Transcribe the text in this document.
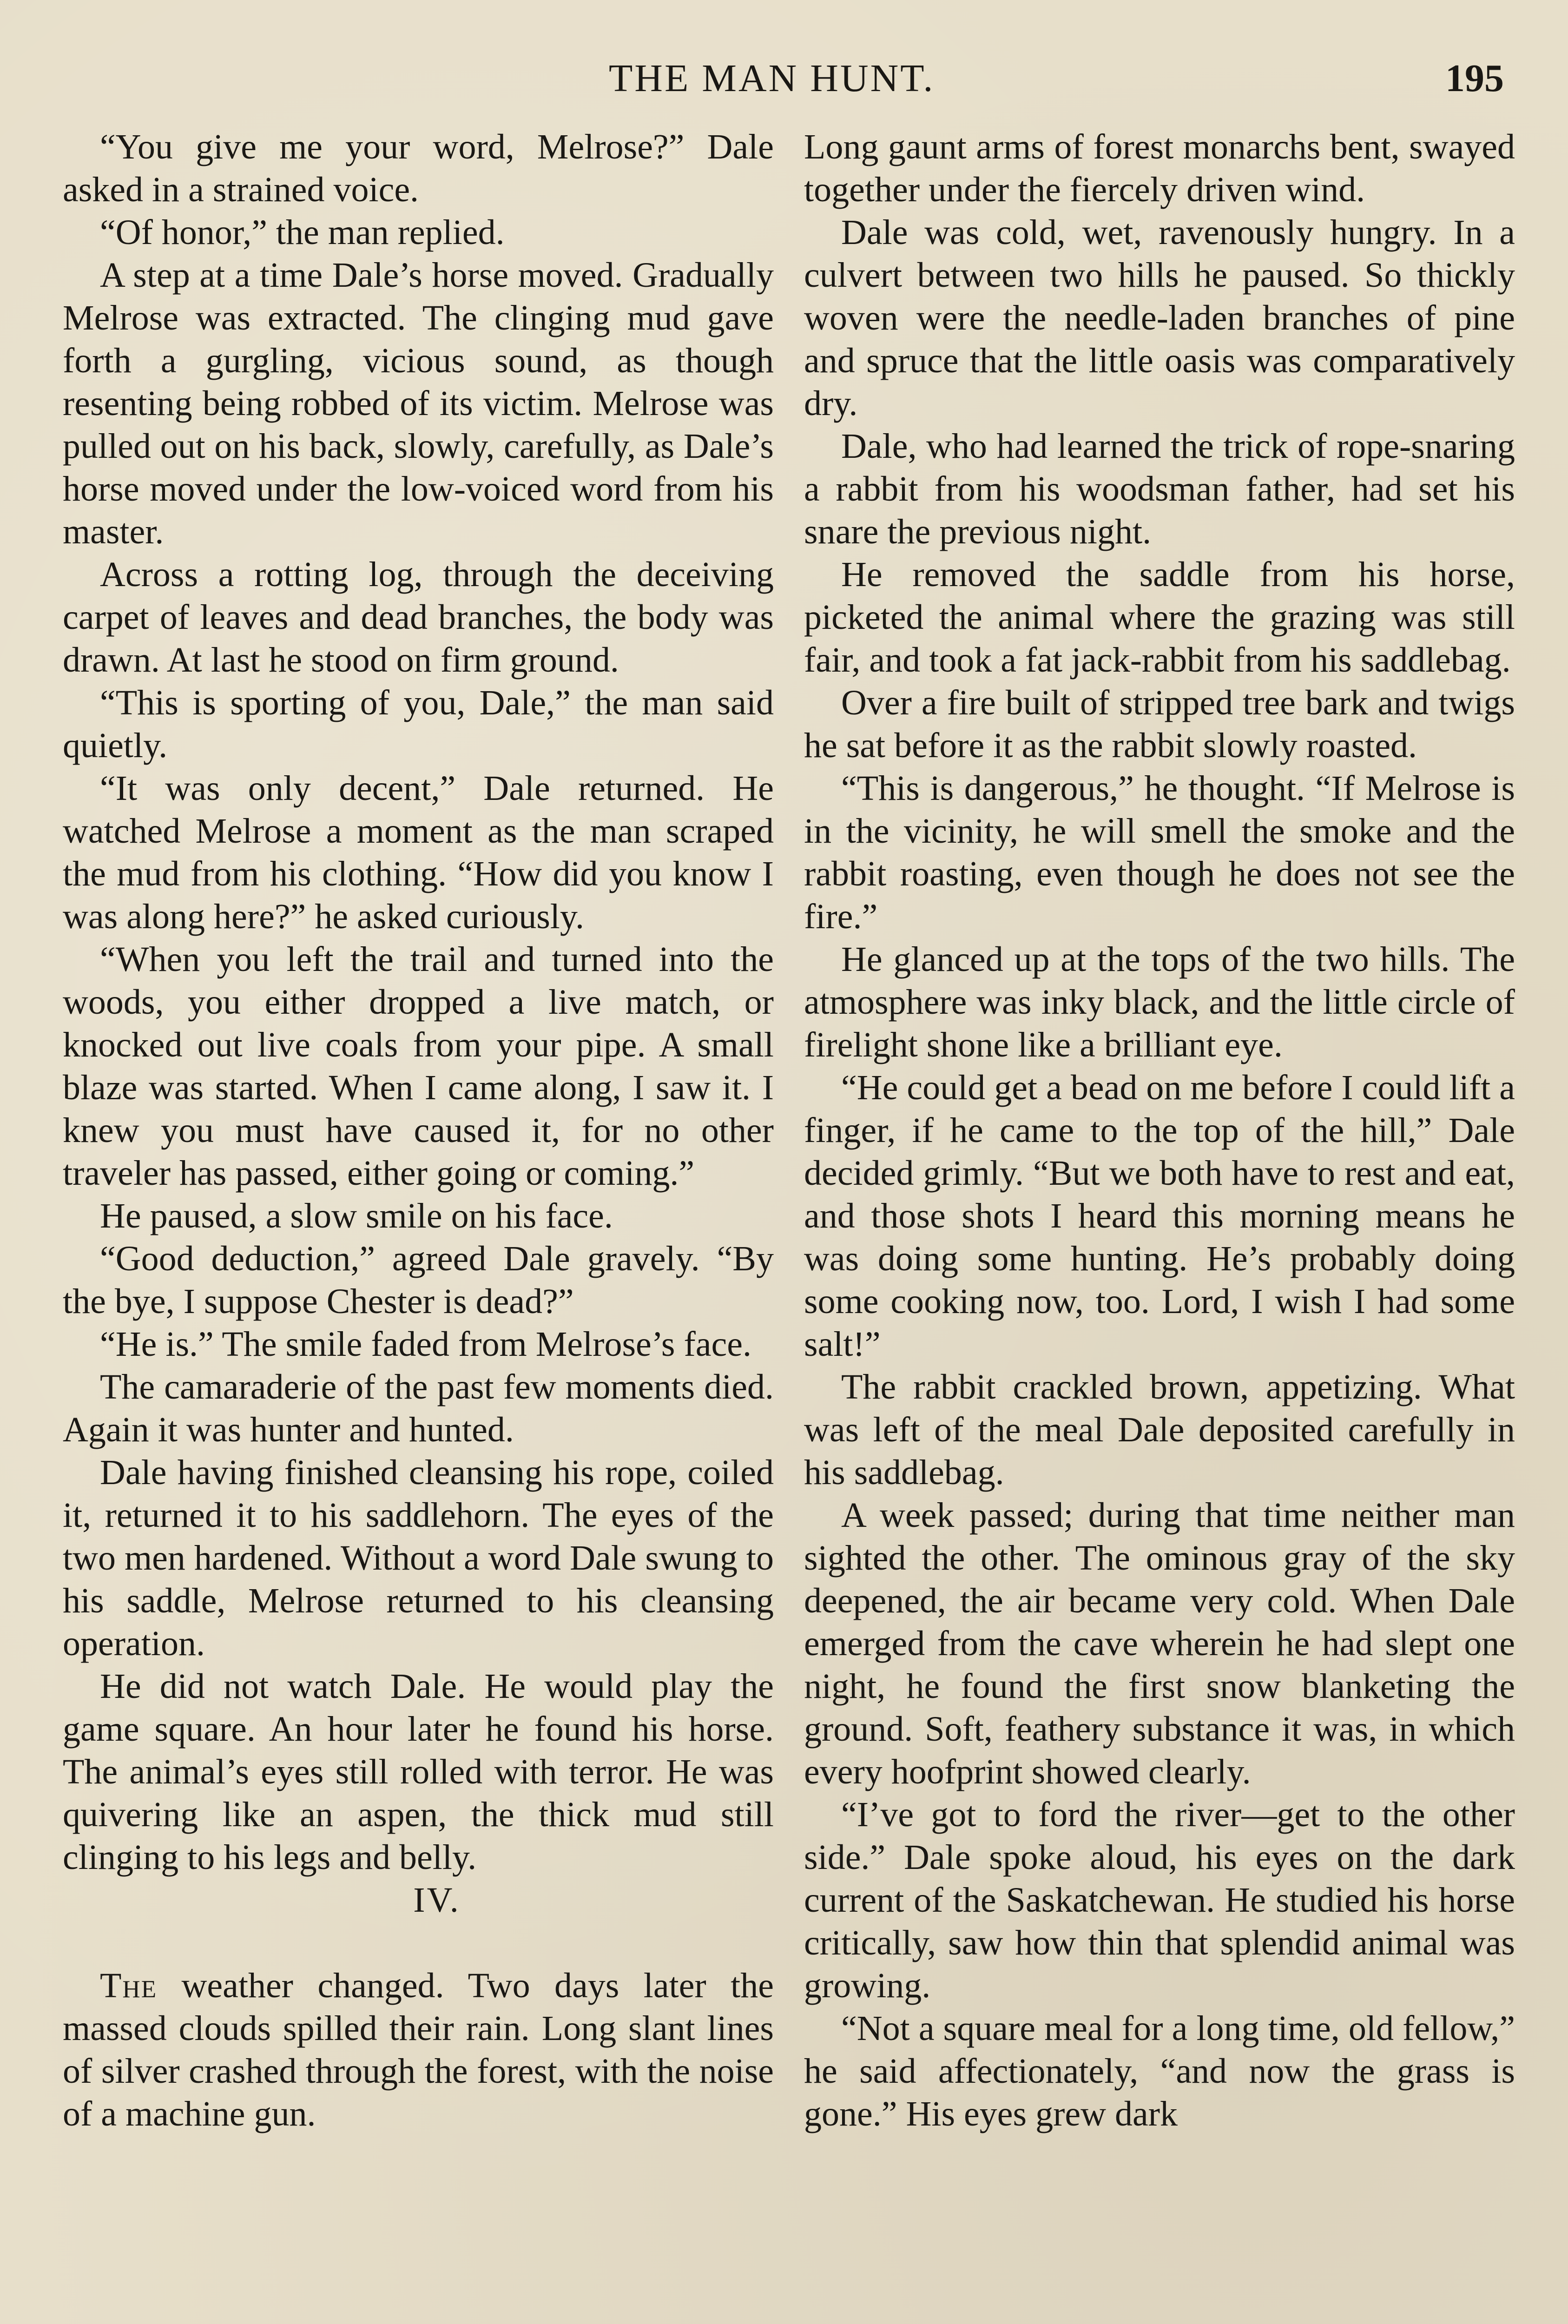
THE MAN HUNT.	195

“You give me your word, Melrose?” Dale asked in a strained voice.

“Of honor,” the man replied.

A step at a time Dale’s horse moved. Gradually Melrose was extracted. The clinging mud gave forth a gurgling, vicious sound, as though resenting being robbed of its victim. Melrose was pulled out on his back, slowly, carefully, as Dale’s horse moved under the low-voiced word from his master.

Across a rotting log, through the deceiving carpet of leaves and dead branches, the body was drawn. At last he stood on firm ground.

“This is sporting of you, Dale,” the man said quietly.

“It was only decent,” Dale returned. He watched Melrose a moment as the man scraped the mud from his clothing. “How did you know I was along here?” he asked curiously.

“When you left the trail and turned into the woods, you either dropped a live match, or knocked out live coals from your pipe. A small blaze was started. When I came along, I saw it. I knew you must have caused it, for no other traveler has passed, either going or coming.”

He paused, a slow smile on his face.

“Good deduction,” agreed Dale gravely. “By the bye, I suppose Chester is dead?”

“He is.” The smile faded from Melrose’s face.

The camaraderie of the past few moments died. Again it was hunter and hunted.

Dale having finished cleansing his rope, coiled it, returned it to his saddlehorn. The eyes of the two men hardened. Without a word Dale swung to his saddle, Melrose returned to his cleansing operation.

He did not watch Dale. He would play the game square. An hour later he found his horse. The animal’s eyes still rolled with terror. He was quivering like an aspen, the thick mud still clinging to his legs and belly.

IV.

The weather changed. Two days later the massed clouds spilled their rain. Long slant lines of silver crashed through the forest, with the noise of a machine gun.

Long gaunt arms of forest monarchs bent, swayed together under the fiercely driven wind.

Dale was cold, wet, ravenously hungry. In a culvert between two hills he paused. So thickly woven were the needle-laden branches of pine and spruce that the little oasis was comparatively dry.

Dale, who had learned the trick of rope-snaring a rabbit from his woodsman father, had set his snare the previous night.

He removed the saddle from his horse, picketed the animal where the grazing was still fair, and took a fat jack-rabbit from his saddlebag.

Over a fire built of stripped tree bark and twigs he sat before it as the rabbit slowly roasted.

“This is dangerous,” he thought. “If Melrose is in the vicinity, he will smell the smoke and the rabbit roasting, even though he does not see the fire.”

He glanced up at the tops of the two hills. The atmosphere was inky black, and the little circle of firelight shone like a brilliant eye.

“He could get a bead on me before I could lift a finger, if he came to the top of the hill,” Dale decided grimly. “But we both have to rest and eat, and those shots I heard this morning means he was doing some hunting. He’s probably doing some cooking now, too. Lord, I wish I had some salt!”

The rabbit crackled brown, appetizing. What was left of the meal Dale deposited carefully in his saddlebag.

A week passed; during that time neither man sighted the other. The ominous gray of the sky deepened, the air became very cold. When Dale emerged from the cave wherein he had slept one night, he found the first snow blanketing the ground. Soft, feathery substance it was, in which every hoofprint showed clearly.

“I’ve got to ford the river—get to the other side.” Dale spoke aloud, his eyes on the dark current of the Saskatchewan. He studied his horse critically, saw how thin that splendid animal was growing.

“Not a square meal for a long time, old fellow,” he said affectionately, “and now the grass is gone.” His eyes grew dark
